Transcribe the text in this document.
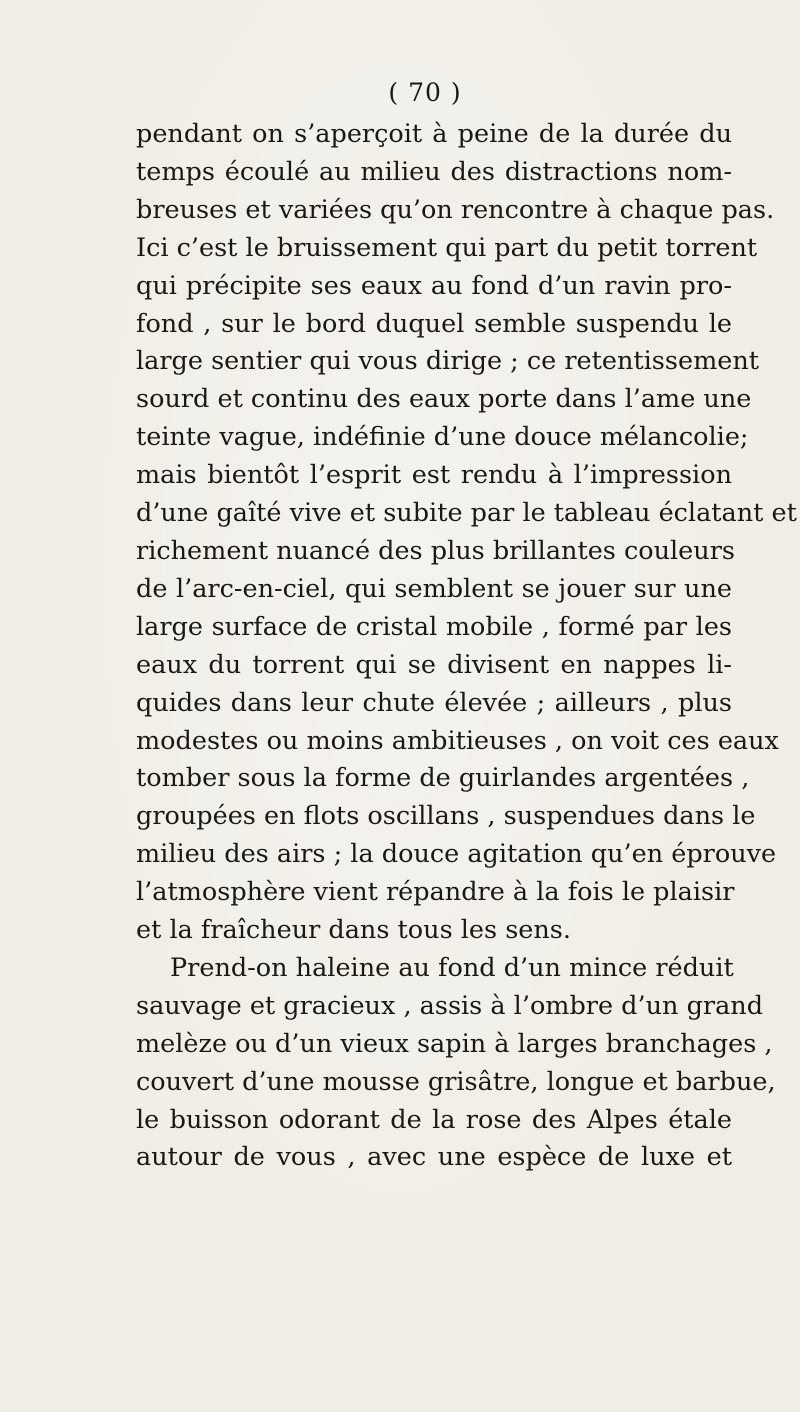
( 70 )
pendant on s’aperçoit à peine de la durée du
temps écoulé au milieu des distractions nom-
breuses et variées qu’on rencontre à chaque pas.
Ici c’est le bruissement qui part du petit torrent
qui précipite ses eaux au fond d’un ravin pro-
fond , sur le bord duquel semble suspendu le
large sentier qui vous dirige ; ce retentissement
sourd et continu des eaux porte dans l’ame une
teinte vague, indéfinie d’une douce mélancolie;
mais bientôt l’esprit est rendu à l’impression
d’une gaîté vive et subite par le tableau éclatant et
richement nuancé des plus brillantes couleurs
de l’arc-en-ciel, qui semblent se jouer sur une
large surface de cristal mobile , formé par les
eaux du torrent qui se divisent en nappes li-
quides dans leur chute élevée ; ailleurs , plus
modestes ou moins ambitieuses , on voit ces eaux
tomber sous la forme de guirlandes argentées ,
groupées en flots oscillans , suspendues dans le
milieu des airs ; la douce agitation qu’en éprouve
l’atmosphère vient répandre à la fois le plaisir
et la fraîcheur dans tous les sens.
Prend-on haleine au fond d’un mince réduit
sauvage et gracieux , assis à l’ombre d’un grand
melèze ou d’un vieux sapin à larges branchages ,
couvert d’une mousse grisâtre, longue et barbue,
le buisson odorant de la rose des Alpes étale
autour de vous , avec une espèce de luxe et
